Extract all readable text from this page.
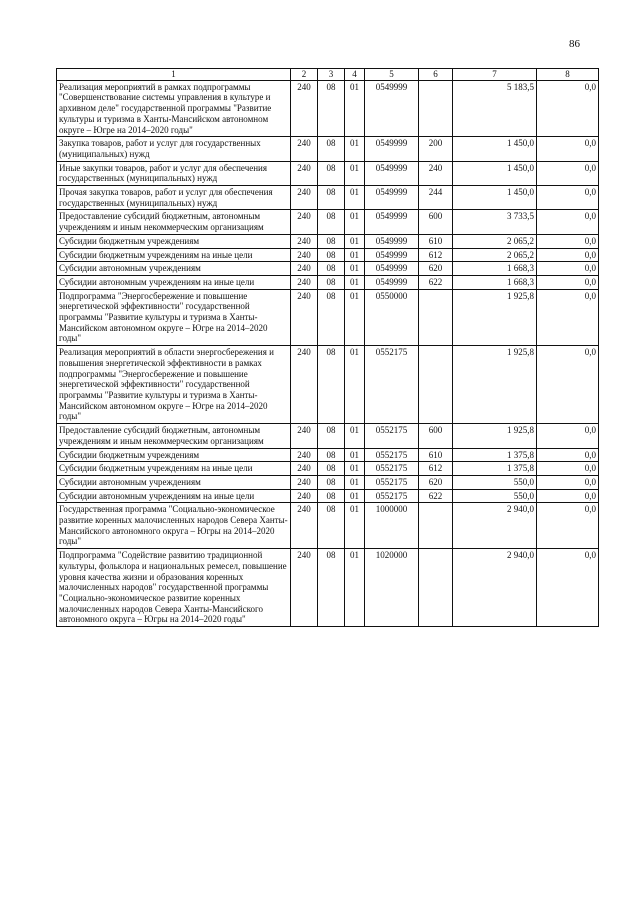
86
1	2	3	4	5	6	7	8
Реализация мероприятий в рамках подпрограммы "Совершенствование системы управления в культуре и архивном деле" государственной программы "Развитие культуры и туризма в Ханты-Мансийском автономном округе – Югре на 2014–2020 годы"	240	08	01	0549999		5 183,5	0,0
Закупка товаров, работ и услуг для государственных (муниципальных) нужд	240	08	01	0549999	200	1 450,0	0,0
Иные закупки товаров, работ и услуг для обеспечения государственных (муниципальных) нужд	240	08	01	0549999	240	1 450,0	0,0
Прочая закупка товаров, работ и услуг для обеспечения государственных (муниципальных) нужд	240	08	01	0549999	244	1 450,0	0,0
Предоставление субсидий бюджетным, автономным учреждениям и иным некоммерческим организациям	240	08	01	0549999	600	3 733,5	0,0
Субсидии бюджетным учреждениям	240	08	01	0549999	610	2 065,2	0,0
Субсидии бюджетным учреждениям на иные цели	240	08	01	0549999	612	2 065,2	0,0
Субсидии автономным учреждениям	240	08	01	0549999	620	1 668,3	0,0
Субсидии автономным учреждениям на иные цели	240	08	01	0549999	622	1 668,3	0,0
Подпрограмма "Энергосбережение и повышение энергетической эффективности" государственной программы "Развитие культуры и туризма в Ханты-Мансийском автономном округе – Югре на 2014–2020 годы"	240	08	01	0550000		1 925,8	0,0
Реализация мероприятий в области энергосбережения и повышения энергетической эффективности в рамках подпрограммы "Энергосбережение и повышение энергетической эффективности" государственной программы "Развитие культуры и туризма в Ханты-Мансийском автономном округе – Югре на 2014–2020 годы"	240	08	01	0552175		1 925,8	0,0
Предоставление субсидий бюджетным, автономным учреждениям и иным некоммерческим организациям	240	08	01	0552175	600	1 925,8	0,0
Субсидии бюджетным учреждениям	240	08	01	0552175	610	1 375,8	0,0
Субсидии бюджетным учреждениям на иные цели	240	08	01	0552175	612	1 375,8	0,0
Субсидии автономным учреждениям	240	08	01	0552175	620	550,0	0,0
Субсидии автономным учреждениям на иные цели	240	08	01	0552175	622	550,0	0,0
Государственная программа "Социально-экономическое развитие коренных малочисленных народов Севера Ханты-Мансийского автономного округа – Югры на 2014–2020 годы"	240	08	01	1000000		2 940,0	0,0
Подпрограмма "Содействие развитию традиционной культуры, фольклора и национальных ремесел, повышение уровня качества жизни и образования коренных малочисленных народов" государственной программы "Социально-экономическое развитие коренных малочисленных народов Севера Ханты-Мансийского автономного округа – Югры на 2014–2020 годы"	240	08	01	1020000		2 940,0	0,0
